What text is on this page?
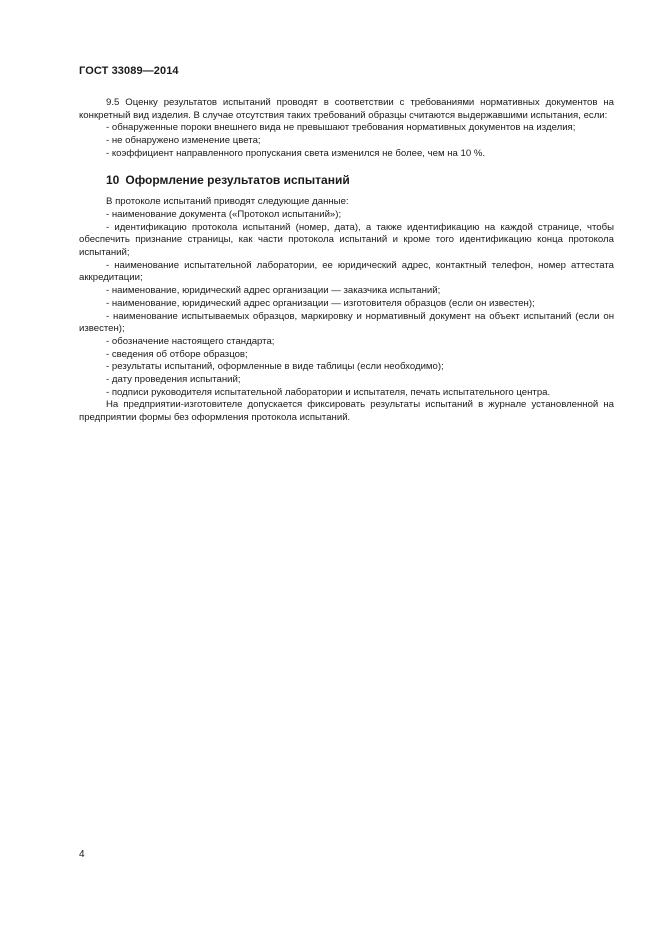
ГОСТ 33089—2014

9.5 Оценку результатов испытаний проводят в соответствии с требованиями нормативных документов на конкретный вид изделия. В случае отсутствия таких требований образцы считаются выдержавшими испытания, если:

- обнаруженные пороки внешнего вида не превышают требования нормативных документов на изделия;

- не обнаружено изменение цвета;

- коэффициент направленного пропускания света изменился не более, чем на 10 %.

10 Оформление результатов испытаний

В протоколе испытаний приводят следующие данные:

- наименование документа («Протокол испытаний»);

- идентификацию протокола испытаний (номер, дата), а также идентификацию на каждой странице, чтобы обеспечить признание страницы, как части протокола испытаний и кроме того идентификацию конца протокола испытаний;

- наименование испытательной лаборатории, ее юридический адрес, контактный телефон, номер аттестата аккредитации;

- наименование, юридический адрес организации — заказчика испытаний;

- наименование, юридический адрес организации — изготовителя образцов (если он известен);

- наименование испытываемых образцов, маркировку и нормативный документ на объект испытаний (если он известен);

- обозначение настоящего стандарта;

- сведения об отборе образцов;

- результаты испытаний, оформленные в виде таблицы (если необходимо);

- дату проведения испытаний;

- подписи руководителя испытательной лаборатории и испытателя, печать испытательного центра.

На предприятии-изготовителе допускается фиксировать результаты испытаний в журнале установленной на предприятии формы без оформления протокола испытаний.

4
